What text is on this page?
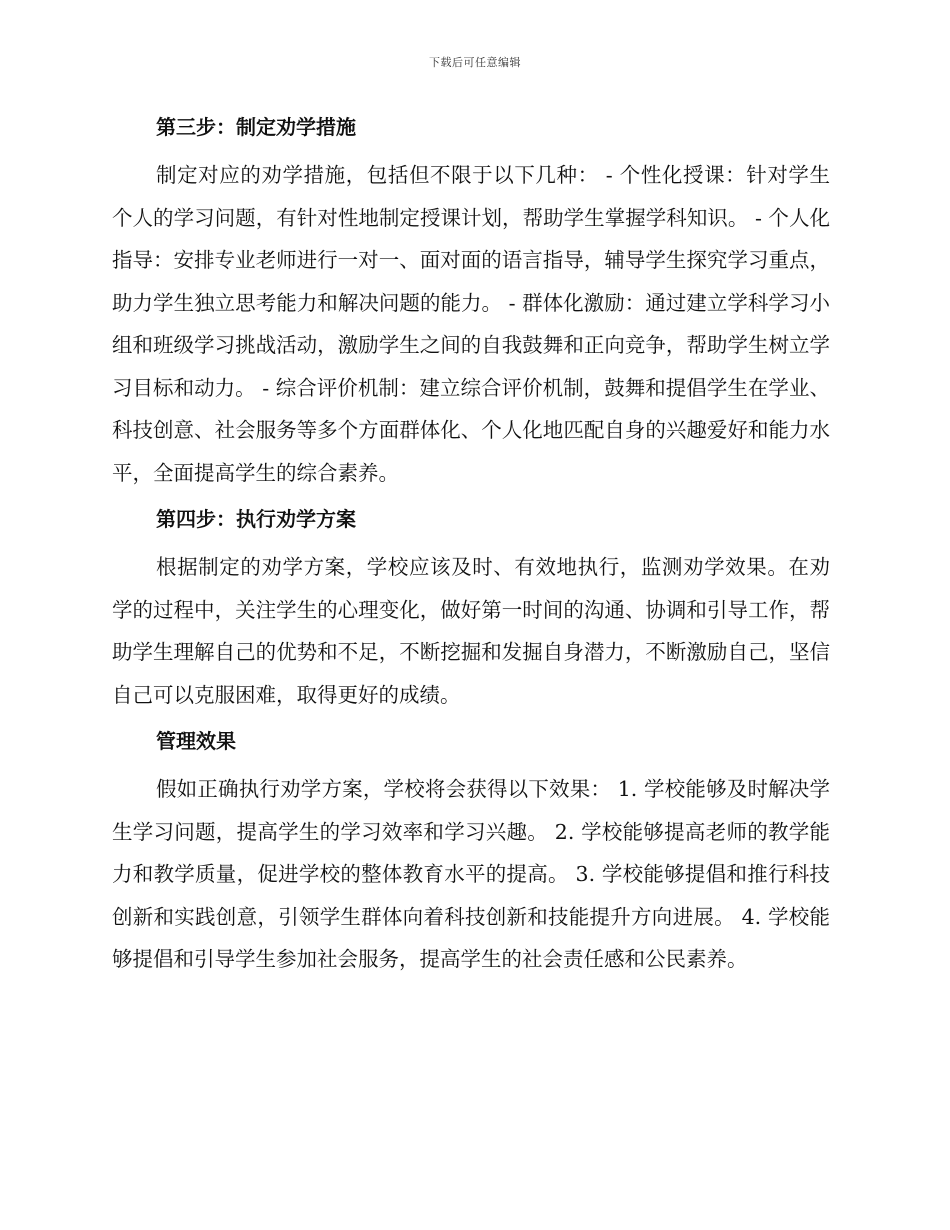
下载后可任意编辑
第三步：制定劝学措施

制定对应的劝学措施，包括但不限于以下几种： - 个性化授课：针对学生个人的学习问题，有针对性地制定授课计划，帮助学生掌握学科知识。 - 个人化指导：安排专业老师进行一对一、面对面的语言指导，辅导学生探究学习重点，助力学生独立思考能力和解决问题的能力。 - 群体化激励：通过建立学科学习小组和班级学习挑战活动，激励学生之间的自我鼓舞和正向竞争，帮助学生树立学习目标和动力。 - 综合评价机制：建立综合评价机制，鼓舞和提倡学生在学业、科技创意、社会服务等多个方面群体化、个人化地匹配自身的兴趣爱好和能力水平，全面提高学生的综合素养。

第四步：执行劝学方案

根据制定的劝学方案，学校应该及时、有效地执行，监测劝学效果。在劝学的过程中，关注学生的心理变化，做好第一时间的沟通、协调和引导工作，帮助学生理解自己的优势和不足，不断挖掘和发掘自身潜力，不断激励自己，坚信自己可以克服困难，取得更好的成绩。

管理效果

假如正确执行劝学方案，学校将会获得以下效果： 1. 学校能够及时解决学生学习问题，提高学生的学习效率和学习兴趣。 2. 学校能够提高老师的教学能力和教学质量，促进学校的整体教育水平的提高。 3. 学校能够提倡和推行科技创新和实践创意，引领学生群体向着科技创新和技能提升方向进展。 4. 学校能够提倡和引导学生参加社会服务，提高学生的社会责任感和公民素养。
